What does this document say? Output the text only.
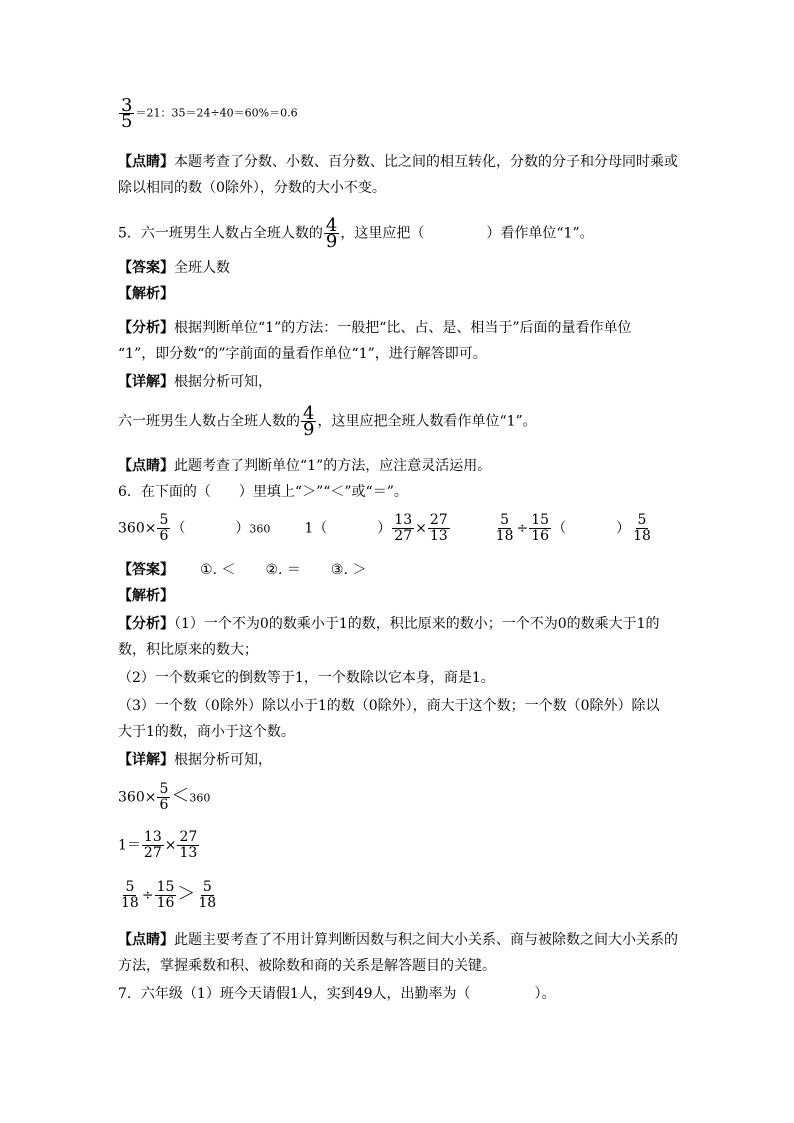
$\frac{3}{5} =21$：35＝24÷40＝60%＝0.6
【点睛】本题考查了分数、小数、百分数、比之间的相互转化，分数的分子和分母同时乘或
除以相同的数（0除外），分数的大小不变。
5．六一班男生人数占全班人数的 $\frac{4}{9}$ ，这里应把（	）看作单位“1”。
【答案】全班人数
【解析】
【分析】根据判断单位“1”的方法：一般把“比、占、是、相当于”后面的量看作单位
“1”，即分数“的”字前面的量看作单位“1”，进行解答即可。
【详解】根据分析可知，
六一班男生人数占全班人数的 $\frac{4}{9}$ ，这里应把全班人数看作单位“1”。
【点睛】此题考查了判断单位“1”的方法，应注意灵活运用。
6．在下面的（　　）里填上“＞”“＜”或“＝”。
$360\times \frac{5}{6}$ （	）360 1（	） $\frac{13}{27} \times \frac{27}{13}$	$\frac{5}{18} \div \frac{15}{16}$ （	） $\frac{5}{18}$
【答案】 ①. ＜ ②. ＝ ③. ＞
【解析】
【分析】（1）一个不为0的数乘小于1的数，积比原来的数小；一个不为0的数乘大于1的
数，积比原来的数大；
（2）一个数乘它的倒数等于1，一个数除以它本身，商是1。
（3）一个数（0除外）除以小于1的数（0除外），商大于这个数；一个数（0除外）除以
大于1的数，商小于这个数。
【详解】根据分析可知，
$360\times \frac{5}{6} <360$
$1= \frac{13}{27} \times \frac{27}{13}$
$\frac{5}{18} \div \frac{15}{16} > \frac{5}{18}$
【点睛】此题主要考查了不用计算判断因数与积之间大小关系、商与被除数之间大小关系的
方法，掌握乘数和积、被除数和商的关系是解答题目的关键。
7．六年级（1）班今天请假1人，实到49人，出勤率为（	）。
